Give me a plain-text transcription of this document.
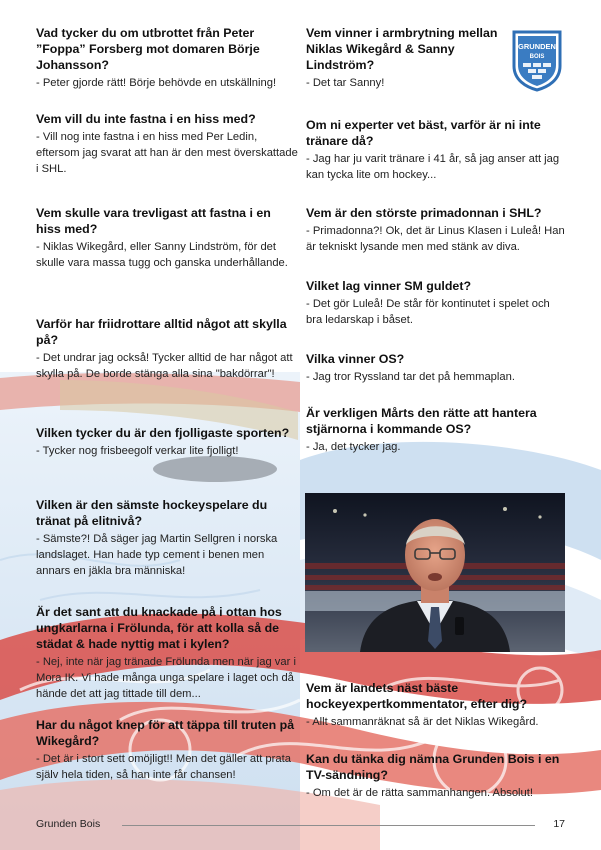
Vad tycker du om utbrottet från Peter ”Foppa” Forsberg mot domaren Börje Johansson?

- Peter gjorde rätt! Börje behövde en utskällning!

Vem vill du inte fastna i en hiss med?

- Vill nog inte fastna i en hiss med Per Ledin, eftersom jag svarat att han är den mest överskattade i SHL.

Vem skulle vara trevligast att fastna i en hiss med?

- Niklas Wikegård, eller Sanny Lindström, för det skulle vara massa tugg och ganska underhållande.

Varför har friidrottare alltid något att skylla på?

- Det undrar jag också! Tycker alltid de har något att skylla på. De borde stänga alla sina "bakdörrar"!

Vilken tycker du är den fjolligaste sporten?

- Tycker nog frisbeegolf verkar lite fjolligt!

Vilken är den sämste hockeyspelare du tränat på elitnivå?

- Sämste?! Då säger jag Martin Sellgren i norska landslaget. Han hade typ cement i benen men annars en jäkla bra människa!

Är det sant att du knackade på i ottan hos ungkarlarna i Frölunda, för att kolla så de städat & hade nyttig mat i kylen?

- Nej, inte när jag tränade Frölunda men när jag var i Mora IK. Vi hade många unga spelare i laget och då hände det att jag tittade till dem...

Har du något knep för att täppa till truten på Wikegård?

- Det är i stort sett omöjligt!! Men det gäller att prata själv hela tiden, så han inte får chansen!

Vem vinner i armbrytning mellan Niklas Wikegård & Sanny Lindström?

- Det tar Sanny!

Om ni experter vet bäst, varför är ni inte tränare då?

- Jag har ju varit tränare i 41 år, så jag anser att jag kan tycka lite om hockey...

Vem är den störste primadonnan i SHL?

- Primadonna?! Ok, det är Linus Klasen i Luleå! Han är tekniskt lysande men med stänk av diva.

Vilket lag vinner SM guldet?

- Det gör Luleå! De står för kontinutet i spelet och bra ledarskap i båset.

Vilka vinner OS?

- Jag tror Ryssland tar det på hemmaplan.

Är verkligen Mårts den rätte att hantera stjärnorna i kommande OS?

- Ja, det tycker jag.

Vem är landets näst bäste hockeyexpertkommentator, efter dig?

- Allt sammanräknat så är det Niklas Wikegård.

Kan du tänka dig nämna Grunden Bois i en TV-sändning?

- Om det är de rätta sammanhangen. Absolut!

GRUNDEN
BOIS
Grunden Bois	17
